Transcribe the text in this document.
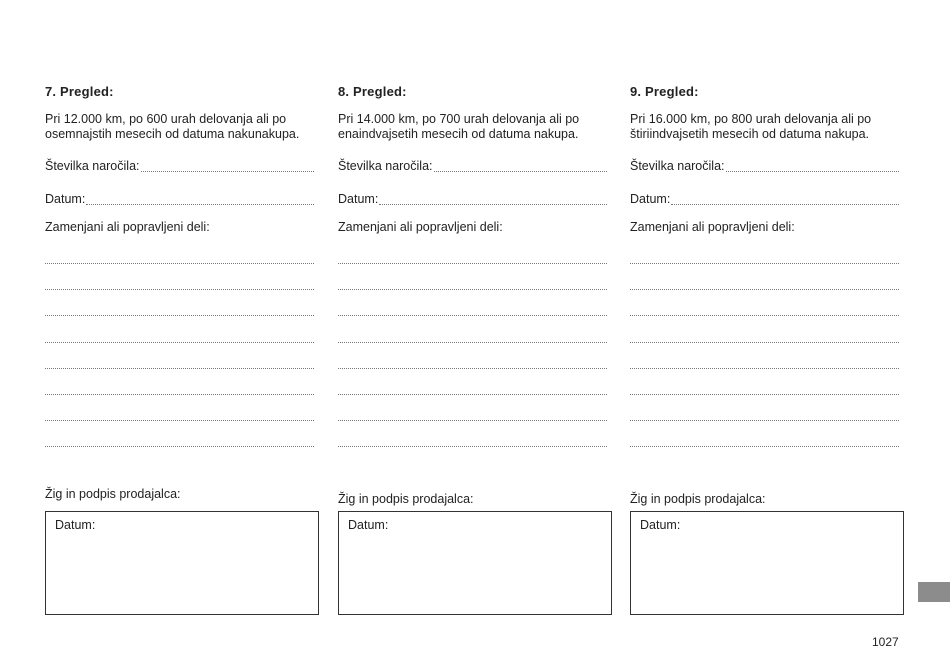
7. Pregled:
Pri 12.000 km, po 600 urah delovanja ali po osemnajstih mesecih od datuma nakunakupa.
Številka naročila:
Datum:
Zamenjani ali popravljeni deli:
8. Pregled:
Pri 14.000 km, po 700 urah delovanja ali po enaindvajsetih mesecih od datuma nakupa.
Številka naročila:
Datum:
Zamenjani ali popravljeni deli:
9. Pregled:
Pri 16.000 km, po 800 urah delovanja ali po štiriindvajsetih mesecih od datuma nakupa.
Številka naročila:
Datum:
Zamenjani ali popravljeni deli:
Žig in podpis prodajalca:
Datum:
Žig in podpis prodajalca:
Datum:
Žig in podpis prodajalca:
Datum:
1027
